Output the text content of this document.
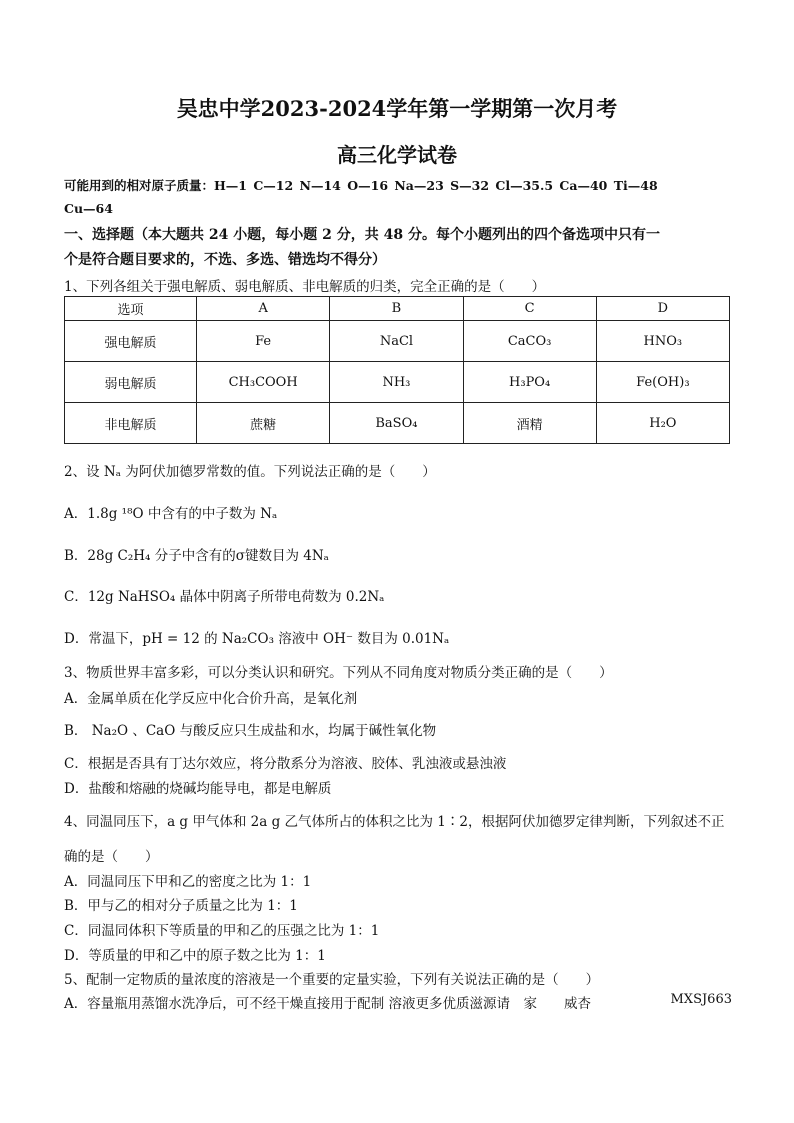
吴忠中学2023-2024学年第一学期第一次月考
高三化学试卷
可能用到的相对原子质量：H—1 C—12 N—14 O—16 Na—23 S—32 Cl—35.5 Ca—40 Ti—48
Cu—64
一、选择题（本大题共 24 小题，每小题 2 分，共 48 分。每个小题列出的四个备选项中只有一
个是符合题目要求的，不选、多选、错选均不得分）
1、下列各组关于强电解质、弱电解质、非电解质的归类，完全正确的是（　　）
选项	A	B	C	D
强电解质	Fe	NaCl	CaCO₃	HNO₃
弱电解质	CH₃COOH	NH₃	H₃PO₄	Fe(OH)₃
非电解质	蔗糖	BaSO₄	酒精	H₂O
2、设 Nₐ 为阿伏加德罗常数的值。下列说法正确的是（　　）
A．1.8g ¹⁸O 中含有的中子数为 Nₐ
B．28g C₂H₄ 分子中含有的σ键数目为 4Nₐ
C．12g NaHSO₄ 晶体中阴离子所带电荷数为 0.2Nₐ
D．常温下，pH = 12 的 Na₂CO₃ 溶液中 OH⁻ 数目为 0.01Nₐ
3、物质世界丰富多彩，可以分类认识和研究。下列从不同角度对物质分类正确的是（　　）
A．金属单质在化学反应中化合价升高，是氧化剂
B． Na₂O 、CaO 与酸反应只生成盐和水，均属于碱性氧化物
C．根据是否具有丁达尔效应，将分散系分为溶液、胶体、乳浊液或悬浊液
D．盐酸和熔融的烧碱均能导电，都是电解质
4、同温同压下，a g 甲气体和 2a g 乙气体所占的体积之比为 1∶2，根据阿伏加德罗定律判断，下列叙述不正
确的是（　　）
A．同温同压下甲和乙的密度之比为 1：1
B．甲与乙的相对分子质量之比为 1：1
C．同温同体积下等质量的甲和乙的压强之比为 1：1
D．等质量的甲和乙中的原子数之比为 1：1
5、配制一定物质的量浓度的溶液是一个重要的定量实验，下列有关说法正确的是（　　）
A．容量瓶用蒸馏水洗净后，可不经干燥直接用于配制 溶液更多优质滋源请　家　　威杏	MXSJ663
